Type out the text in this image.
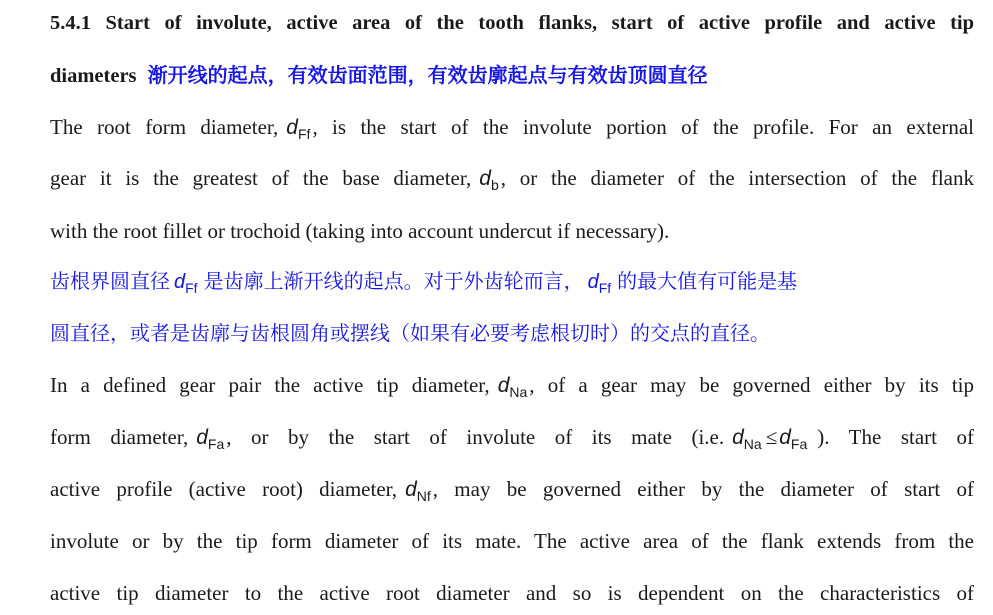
5.4.1 Start of involute, active area of the tooth flanks, start of active profile and active tip
diameters 渐开线的起点，有效齿面范围，有效齿廓起点与有效齿顶圆直径
The root form diameter, $d_{Ff}$, is the start of the involute portion of the profile. For an external
gear it is the greatest of the base diameter, $d_b$, or the diameter of the intersection of the flank
with the root fillet or trochoid (taking into account undercut if necessary).
齿根界圆直径 $d_{Ff}$ 是齿廓上渐开线的起点。对于外齿轮而言， $d_{Ff}$ 的最大值有可能是基
圆直径，或者是齿廓与齿根圆角或摆线（如果有必要考虑根切时）的交点的直径。
In a defined gear pair the active tip diameter, $d_{Na}$, of a gear may be governed either by its tip
form diameter, $d_{Fa}$, or by the start of involute of its mate (i.e. $d_{Na} \le d_{Fa}$ ). The start of
active profile (active root) diameter, $d_{Nf}$, may be governed either by the diameter of start of
involute or by the tip form diameter of its mate. The active area of the flank extends from the
active tip diameter to the active root diameter and so is dependent on the characteristics of
